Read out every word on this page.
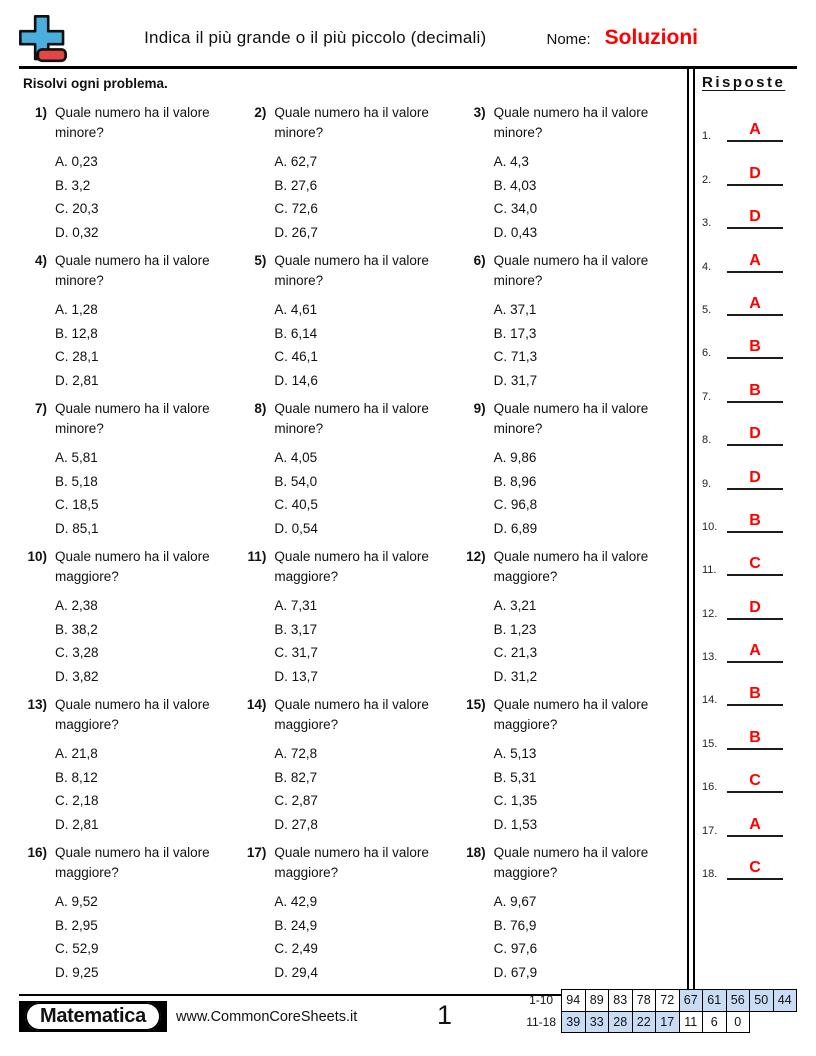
Indica il più grande o il più piccolo (decimali)	Nome: Soluzioni
Risolvi ogni problema.
1) Quale numero ha il valore minore?
A. 0,23
B. 3,2
C. 20,3
D. 0,32
2) Quale numero ha il valore minore?
A. 62,7
B. 27,6
C. 72,6
D. 26,7
3) Quale numero ha il valore minore?
A. 4,3
B. 4,03
C. 34,0
D. 0,43
4) Quale numero ha il valore minore?
A. 1,28
B. 12,8
C. 28,1
D. 2,81
5) Quale numero ha il valore minore?
A. 4,61
B. 6,14
C. 46,1
D. 14,6
6) Quale numero ha il valore minore?
A. 37,1
B. 17,3
C. 71,3
D. 31,7
7) Quale numero ha il valore minore?
A. 5,81
B. 5,18
C. 18,5
D. 85,1
8) Quale numero ha il valore minore?
A. 4,05
B. 54,0
C. 40,5
D. 0,54
9) Quale numero ha il valore minore?
A. 9,86
B. 8,96
C. 96,8
D. 6,89
10) Quale numero ha il valore maggiore?
A. 2,38
B. 38,2
C. 3,28
D. 3,82
11) Quale numero ha il valore maggiore?
A. 7,31
B. 3,17
C. 31,7
D. 13,7
12) Quale numero ha il valore maggiore?
A. 3,21
B. 1,23
C. 21,3
D. 31,2
13) Quale numero ha il valore maggiore?
A. 21,8
B. 8,12
C. 2,18
D. 2,81
14) Quale numero ha il valore maggiore?
A. 72,8
B. 82,7
C. 2,87
D. 27,8
15) Quale numero ha il valore maggiore?
A. 5,13
B. 5,31
C. 1,35
D. 1,53
16) Quale numero ha il valore maggiore?
A. 9,52
B. 2,95
C. 52,9
D. 9,25
17) Quale numero ha il valore maggiore?
A. 42,9
B. 24,9
C. 2,49
D. 29,4
18) Quale numero ha il valore maggiore?
A. 9,67
B. 76,9
C. 97,6
D. 67,9
Risposte
1.	A
2.	D
3.	D
4.	A
5.	A
6.	B
7.	B
8.	D
9.	D
10.	B
11.	C
12.	D
13.	A
14.	B
15.	B
16.	C
17.	A
18.	C
Matematica	www.CommonCoreSheets.it	1	1-10	94	89	83	78	72	67	61	56	50	44
11-18	39	33	28	22	17	11	6	0		
